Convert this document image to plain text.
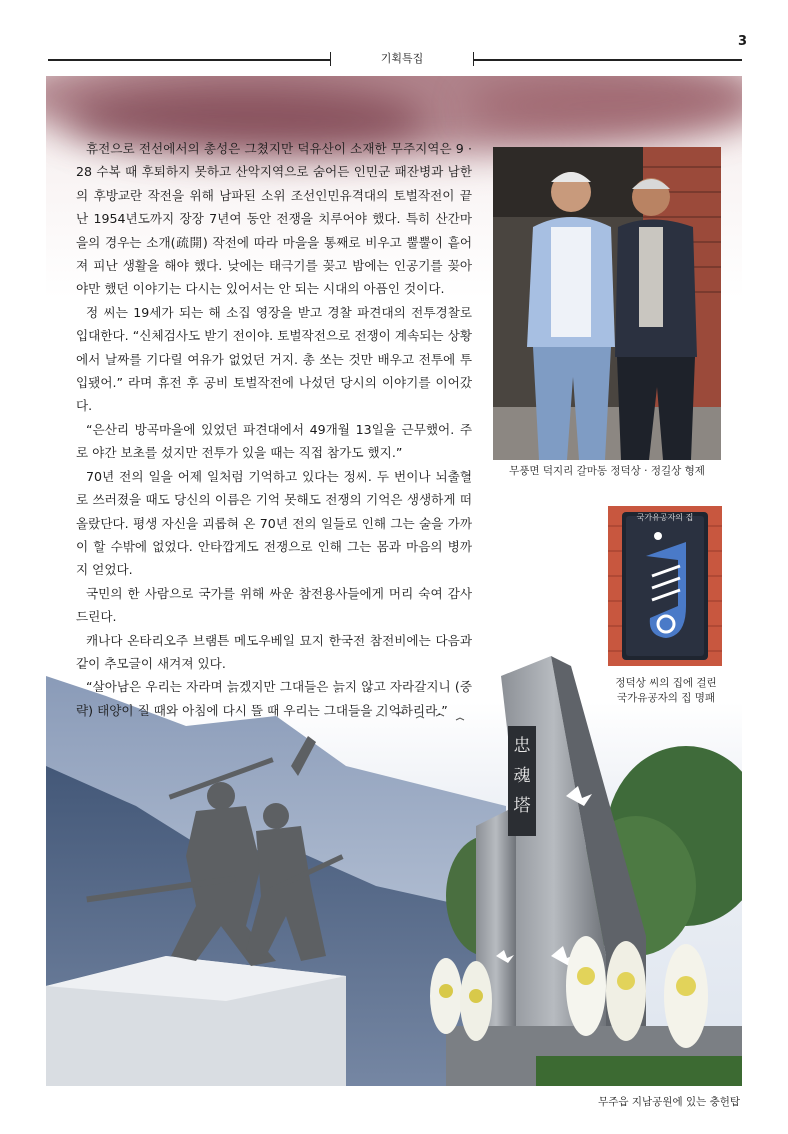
3
기획특집
忠
魂
塔

휴전으로 전선에서의 총성은 그쳤지만 덕유산이 소재한 무주지역은 9 · 28 수복 때 후퇴하지 못하고 산악지역으로 숨어든 인민군 패잔병과 남한의 후방교란 작전을 위해 남파된 소위 조선인민유격대의 토벌작전이 끝난 1954년도까지 장장 7년여 동안 전쟁을 치루어야 했다. 특히 산간마을의 경우는 소개(疏開) 작전에 따라 마을을 통째로 비우고 뿔뿔이 흩어져 피난 생활을 해야 했다. 낮에는 태극기를 꽂고 밤에는 인공기를 꽂아야만 했던 이야기는 다시는 있어서는 안 되는 시대의 아픔인 것이다.

정 씨는 19세가 되는 해 소집 영장을 받고 경찰 파견대의 전투경찰로 입대한다. “신체검사도 받기 전이야. 토벌작전으로 전쟁이 계속되는 상황에서 날짜를 기다릴 여유가 없었던 거지. 총 쏘는 것만 배우고 전투에 투입됐어.” 라며 휴전 후 공비 토벌작전에 나섰던 당시의 이야기를 이어갔다.

“은산리 방곡마을에 있었던 파견대에서 49개월 13일을 근무했어. 주로 야간 보초를 섰지만 전투가 있을 때는 직접 참가도 했지.”

70년 전의 일을 어제 일처럼 기억하고 있다는 정씨. 두 번이나 뇌출혈로 쓰러졌을 때도 당신의 이름은 기억 못해도 전쟁의 기억은 생생하게 떠올랐단다. 평생 자신을 괴롭혀 온 70년 전의 일들로 인해 그는 술을 가까이 할 수밖에 없었다. 안타깝게도 전쟁으로 인해 그는 몸과 마음의 병까지 얻었다.

국민의 한 사람으로 국가를 위해 싸운 참전용사들에게 머리 숙여 감사드린다.

캐나다 온타리오주 브램튼 메도우베일 묘지 한국전 참전비에는 다음과 같이 추모글이 새겨져 있다.

“살아남은 우리는 자라며 늙겠지만 그대들은 늙지 않고 자라갈지니 (중략) 태양이 질 때와 아침에 다시 뜰 때 우리는 그대들을 기억하리라.”

무풍면 덕지리 갈마동 정덕상 · 정길상 형제
국가유공자의 집
정덕상 씨의 집에 걸린
국가유공자의 집 명패
무주읍 지남공원에 있는 충헌탑
